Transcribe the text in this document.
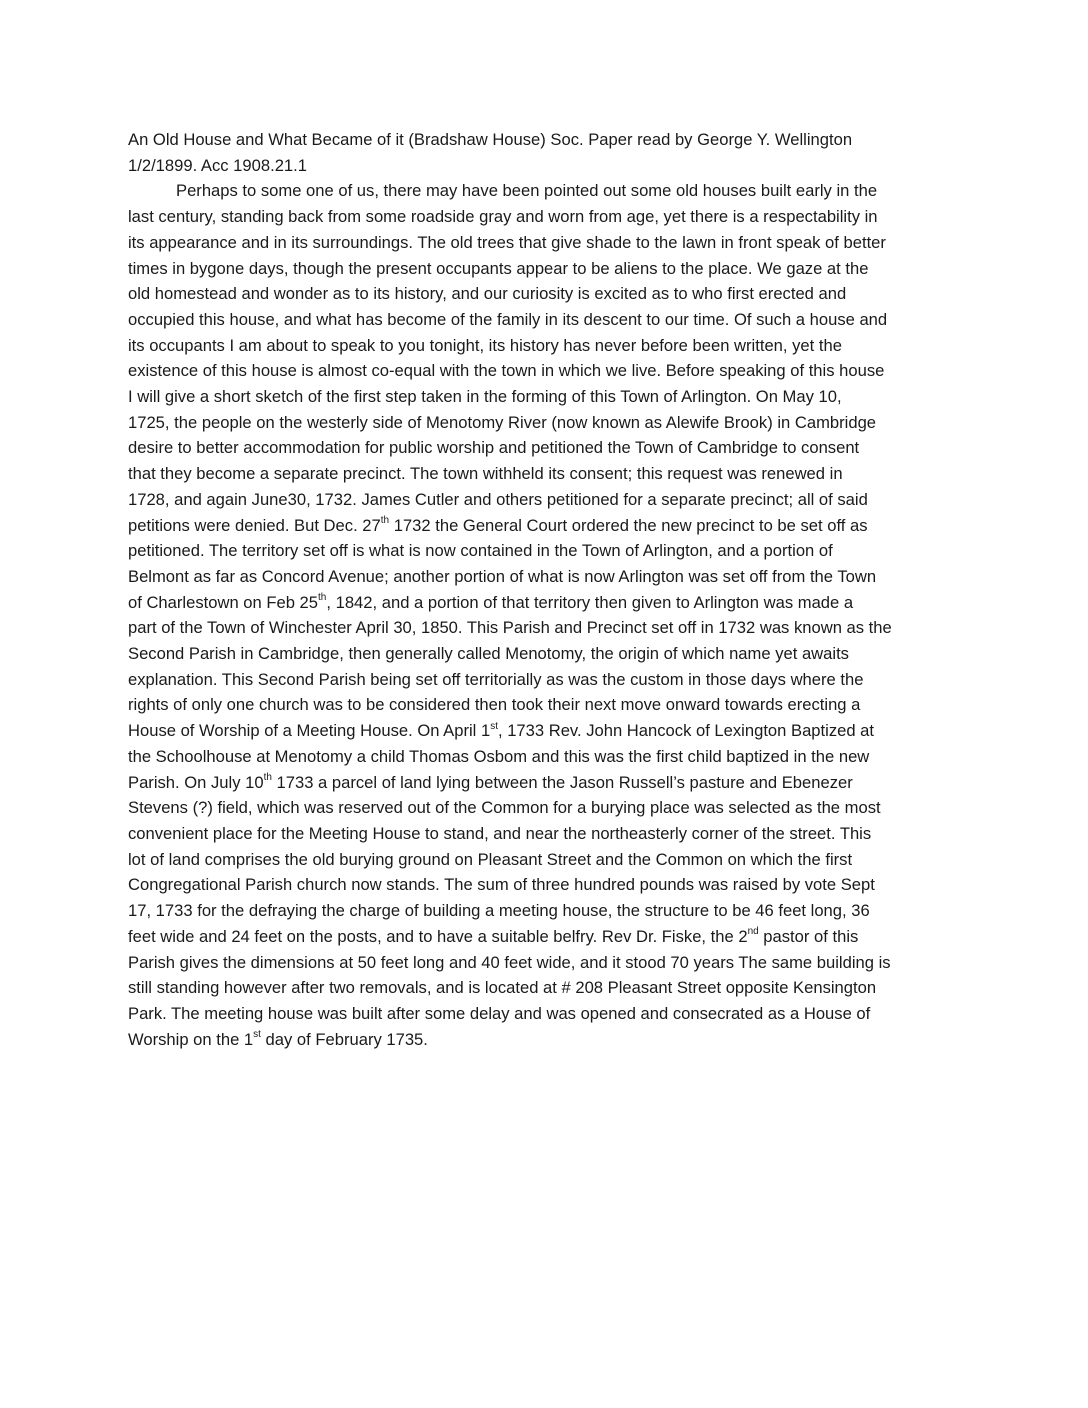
An Old House and What Became of it (Bradshaw House) Soc. Paper read by George Y. Wellington
1/2/1899. Acc 1908.21.1
Perhaps to some one of us, there may have been pointed out some old houses built early in the
last century, standing back from some roadside gray and worn from age, yet there is a respectability in
its appearance and in its surroundings. The old trees that give shade to the lawn in front speak of better
times in bygone days, though the present occupants appear to be aliens to the place. We gaze at the
old homestead and wonder as to its history, and our curiosity is excited as to who first erected and
occupied this house, and what has become of the family in its descent to our time. Of such a house and
its occupants I am about to speak to you tonight, its history has never before been written, yet the
existence of this house is almost co-equal with the town in which we live. Before speaking of this house
I will give a short sketch of the first step taken in the forming of this Town of Arlington. On May 10,
1725, the people on the westerly side of Menotomy River (now known as Alewife Brook) in Cambridge
desire to better accommodation for public worship and petitioned the Town of Cambridge to consent
that they become a separate precinct. The town withheld its consent; this request was renewed in
1728, and again June30, 1732. James Cutler and others petitioned for a separate precinct; all of said
petitions were denied. But Dec. 27th 1732 the General Court ordered the new precinct to be set off as
petitioned. The territory set off is what is now contained in the Town of Arlington, and a portion of
Belmont as far as Concord Avenue; another portion of what is now Arlington was set off from the Town
of Charlestown on Feb 25th, 1842, and a portion of that territory then given to Arlington was made a
part of the Town of Winchester April 30, 1850. This Parish and Precinct set off in 1732 was known as the
Second Parish in Cambridge, then generally called Menotomy, the origin of which name yet awaits
explanation. This Second Parish being set off territorially as was the custom in those days where the
rights of only one church was to be considered then took their next move onward towards erecting a
House of Worship of a Meeting House. On April 1st, 1733 Rev. John Hancock of Lexington Baptized at
the Schoolhouse at Menotomy a child Thomas Osbom and this was the first child baptized in the new
Parish. On July 10th 1733 a parcel of land lying between the Jason Russell’s pasture and Ebenezer
Stevens (?) field, which was reserved out of the Common for a burying place was selected as the most
convenient place for the Meeting House to stand, and near the northeasterly corner of the street. This
lot of land comprises the old burying ground on Pleasant Street and the Common on which the first
Congregational Parish church now stands. The sum of three hundred pounds was raised by vote Sept
17, 1733 for the defraying the charge of building a meeting house, the structure to be 46 feet long, 36
feet wide and 24 feet on the posts, and to have a suitable belfry. Rev Dr. Fiske, the 2nd pastor of this
Parish gives the dimensions at 50 feet long and 40 feet wide, and it stood 70 years The same building is
still standing however after two removals, and is located at # 208 Pleasant Street opposite Kensington
Park. The meeting house was built after some delay and was opened and consecrated as a House of
Worship on the 1st day of February 1735.
